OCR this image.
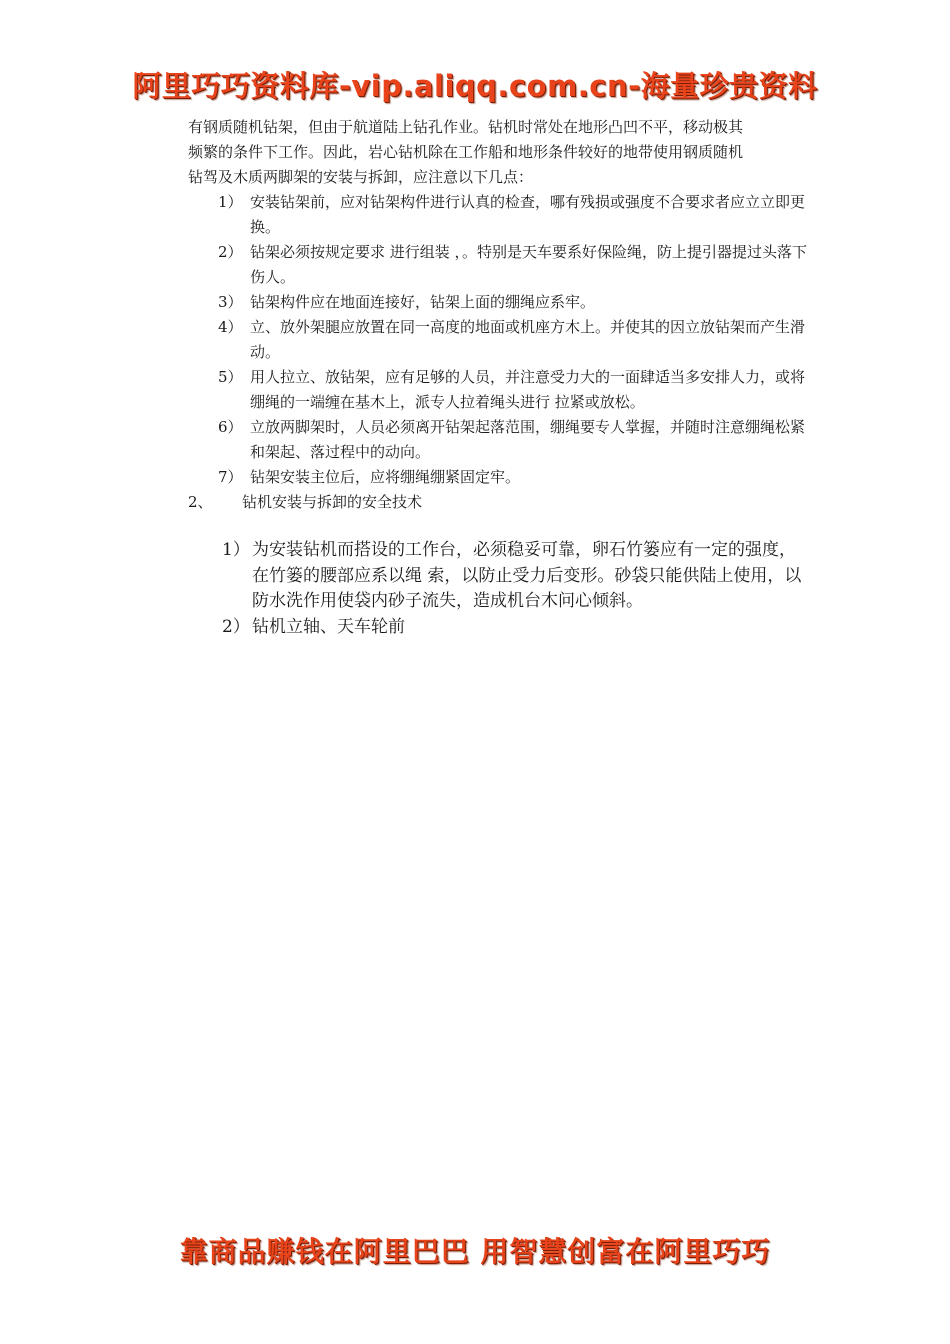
阿里巧巧资料库-vip.aliqq.com.cn-海量珍贵资料

有钢质随机钻架，但由于航道陆上钻孔作业。钻机时常处在地形凸凹不平，移动极其

频繁的条件下工作。因此，岩心钻机除在工作船和地形条件较好的地带使用钢质随机

钻驾及木质两脚架的安装与拆卸，应注意以下几点：

1） 安装钻架前，应对钻架构件进行认真的检查，哪有残损或强度不合要求者应立立即更换。
2） 钻架必须按规定要求 进行组装 ，。特别是天车要系好保险绳，防上提引器提过头落下伤人。
3） 钻架构件应在地面连接好，钻架上面的绷绳应系牢。
4） 立、放外架腿应放置在同一高度的地面或机座方木上。并使其的因立放钻架而产生滑动。
5） 用人拉立、放钻架，应有足够的人员，并注意受力大的一面肆适当多安排人力，或将绷绳的一端缠在基木上，派专人拉着绳头进行 拉紧或放松。
6） 立放两脚架时，人员必须离开钻架起落范围，绷绳要专人掌握，并随时注意绷绳松紧和架起、落过程中的动向。
7） 钻架安装主位后，应将绷绳绷紧固定牢。
2、 钻机安装与拆卸的安全技术
1） 为安装钻机而搭设的工作台，必须稳妥可靠，卵石竹篓应有一定的强度，在竹篓的腰部应系以绳 索，以防止受力后变形。砂袋只能供陆上使用，以防水洗作用使袋内砂子流失，造成机台木问心倾斜。
2） 钻机立轴、天车轮前
靠商品赚钱在阿里巴巴 用智慧创富在阿里巧巧
